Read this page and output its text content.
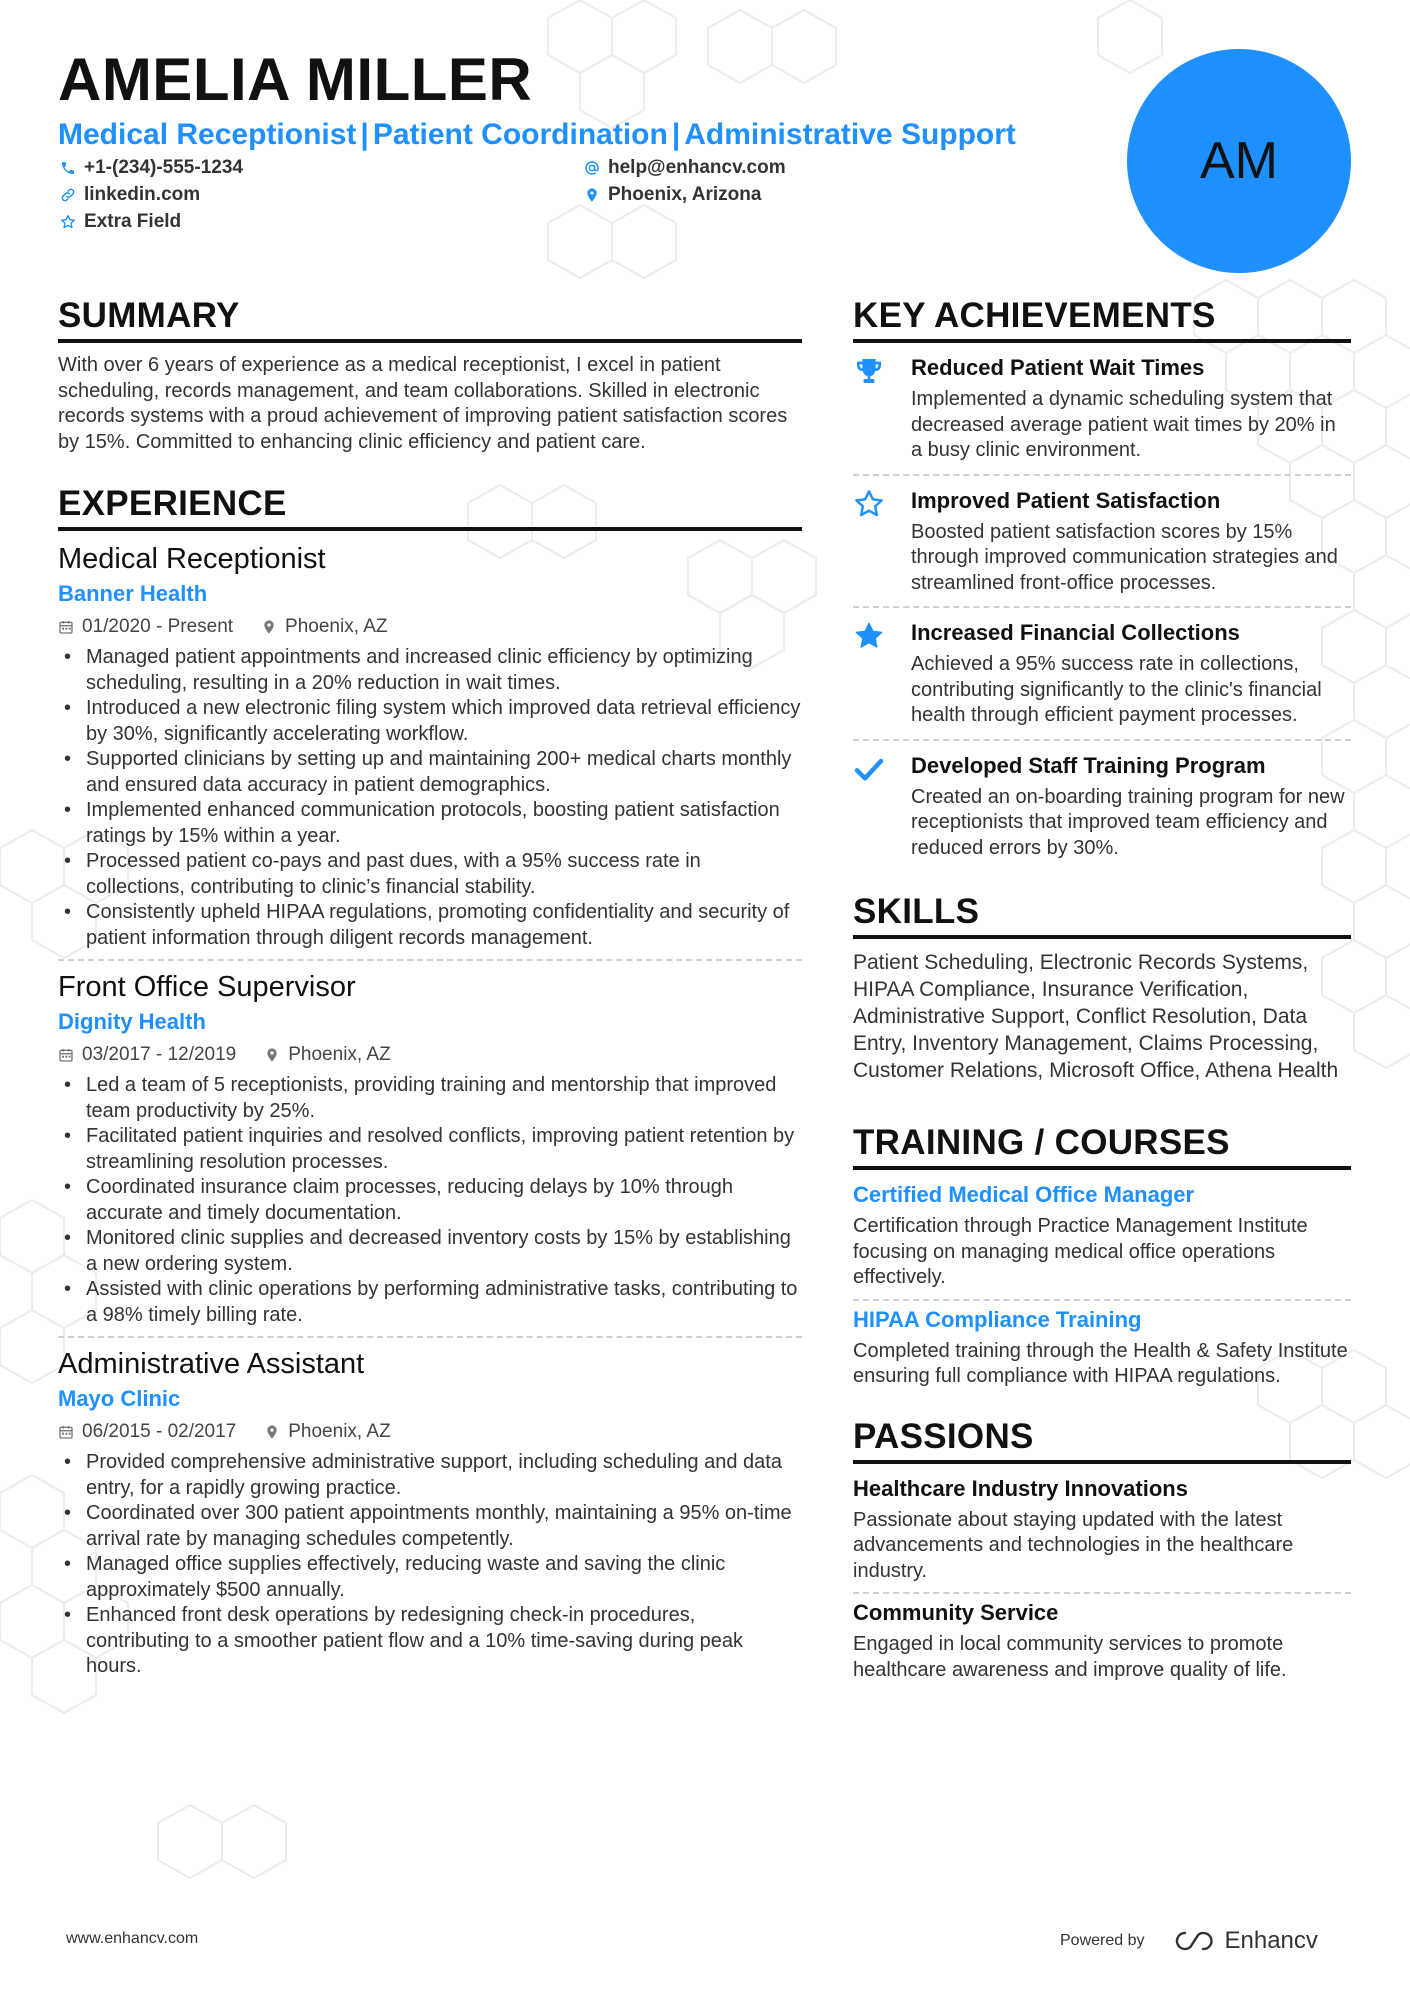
AMELIA MILLER
Medical Receptionist | Patient Coordination | Administrative Support
+1-(234)-555-1234	help@enhancv.com
linkedin.com	Phoenix, Arizona
Extra Field
AM
SUMMARY

With over 6 years of experience as a medical receptionist, I excel in patient scheduling, records management, and team collaborations. Skilled in electronic records systems with a proud achievement of improving patient satisfaction scores by 15%. Committed to enhancing clinic efficiency and patient care.

EXPERIENCE
Medical Receptionist
Banner Health
01/2020 - Present	Phoenix, AZ
• Managed patient appointments and increased clinic efficiency by optimizing scheduling, resulting in a 20% reduction in wait times.
• Introduced a new electronic filing system which improved data retrieval efficiency by 30%, significantly accelerating workflow.
• Supported clinicians by setting up and maintaining 200+ medical charts monthly and ensured data accuracy in patient demographics.
• Implemented enhanced communication protocols, boosting patient satisfaction ratings by 15% within a year.
• Processed patient co-pays and past dues, with a 95% success rate in collections, contributing to clinic’s financial stability.
• Consistently upheld HIPAA regulations, promoting confidentiality and security of patient information through diligent records management.
Front Office Supervisor
Dignity Health
03/2017 - 12/2019	Phoenix, AZ
• Led a team of 5 receptionists, providing training and mentorship that improved team productivity by 25%.
• Facilitated patient inquiries and resolved conflicts, improving patient retention by streamlining resolution processes.
• Coordinated insurance claim processes, reducing delays by 10% through accurate and timely documentation.
• Monitored clinic supplies and decreased inventory costs by 15% by establishing a new ordering system.
• Assisted with clinic operations by performing administrative tasks, contributing to a 98% timely billing rate.
Administrative Assistant
Mayo Clinic
06/2015 - 02/2017	Phoenix, AZ
• Provided comprehensive administrative support, including scheduling and data entry, for a rapidly growing practice.
• Coordinated over 300 patient appointments monthly, maintaining a 95% on-time arrival rate by managing schedules competently.
• Managed office supplies effectively, reducing waste and saving the clinic approximately $500 annually.
• Enhanced front desk operations by redesigning check-in procedures, contributing to a smoother patient flow and a 10% time-saving during peak hours.
KEY ACHIEVEMENTS
Reduced Patient Wait Times
Implemented a dynamic scheduling system that decreased average patient wait times by 20% in a busy clinic environment.
Improved Patient Satisfaction
Boosted patient satisfaction scores by 15% through improved communication strategies and streamlined front-office processes.
Increased Financial Collections
Achieved a 95% success rate in collections, contributing significantly to the clinic's financial health through efficient payment processes.
Developed Staff Training Program
Created an on-boarding training program for new receptionists that improved team efficiency and reduced errors by 30%.
SKILLS

Patient Scheduling, Electronic Records Systems, HIPAA Compliance, Insurance Verification, Administrative Support, Conflict Resolution, Data Entry, Inventory Management, Claims Processing, Customer Relations, Microsoft Office, Athena Health

TRAINING / COURSES
Certified Medical Office Manager

Certification through Practice Management Institute focusing on managing medical office operations effectively.

HIPAA Compliance Training

Completed training through the Health & Safety Institute ensuring full compliance with HIPAA regulations.

PASSIONS
Healthcare Industry Innovations

Passionate about staying updated with the latest advancements and technologies in the healthcare industry.

Community Service

Engaged in local community services to promote healthcare awareness and improve quality of life.

www.enhancv.com	Powered by	Enhancv
